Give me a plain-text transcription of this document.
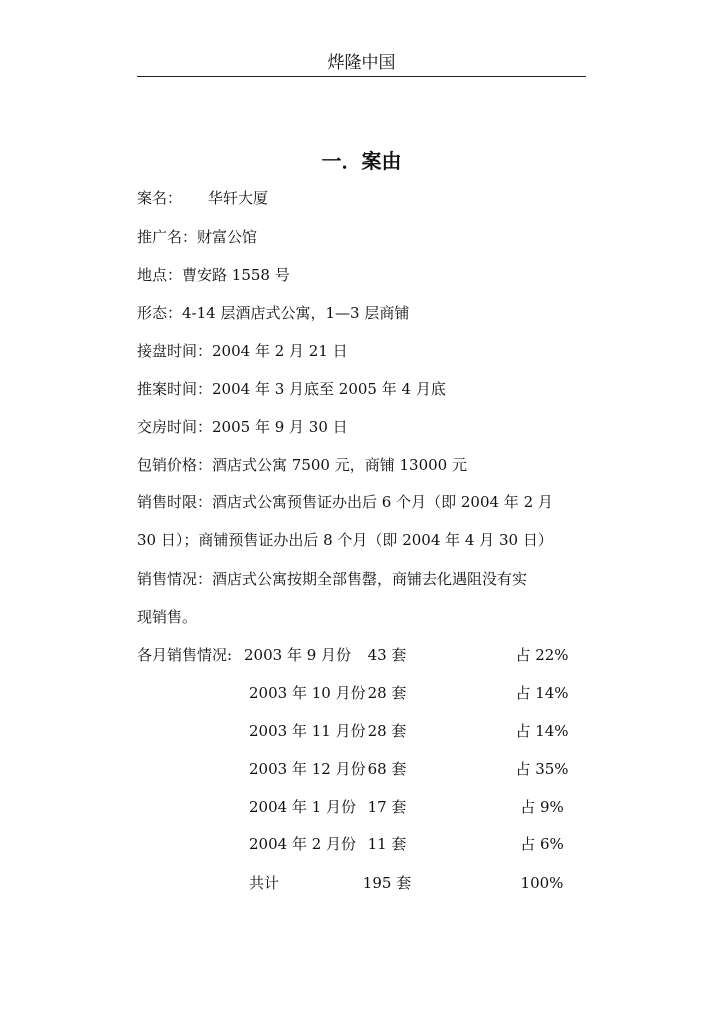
烨隆中国
一．案由
案名： 华轩大厦
推广名：财富公馆
地点：曹安路 1558 号
形态：4-14 层酒店式公寓，1—3 层商铺
接盘时间：2004 年 2 月 21 日
推案时间：2004 年 3 月底至 2005 年 4 月底
交房时间：2005 年 9 月 30 日
包销价格：酒店式公寓 7500 元，商铺 13000 元
销售时限：酒店式公寓预售证办出后 6 个月（即 2004 年 2 月
30 日）；商铺预售证办出后 8 个月（即 2004 年 4 月 30 日）
销售情况：酒店式公寓按期全部售罄，商铺去化遇阻没有实
现销售。
各月销售情况: 2003 年 9 月份	43 套	占 22%
2003 年 10 月份 28 套	占 14%
2003 年 11 月份 28 套	占 14%
2003 年 12 月份 68 套	占 35%
2004 年 1 月份 17 套	占 9%
2004 年 2 月份 11 套	占 6%
共计	195 套	100%
